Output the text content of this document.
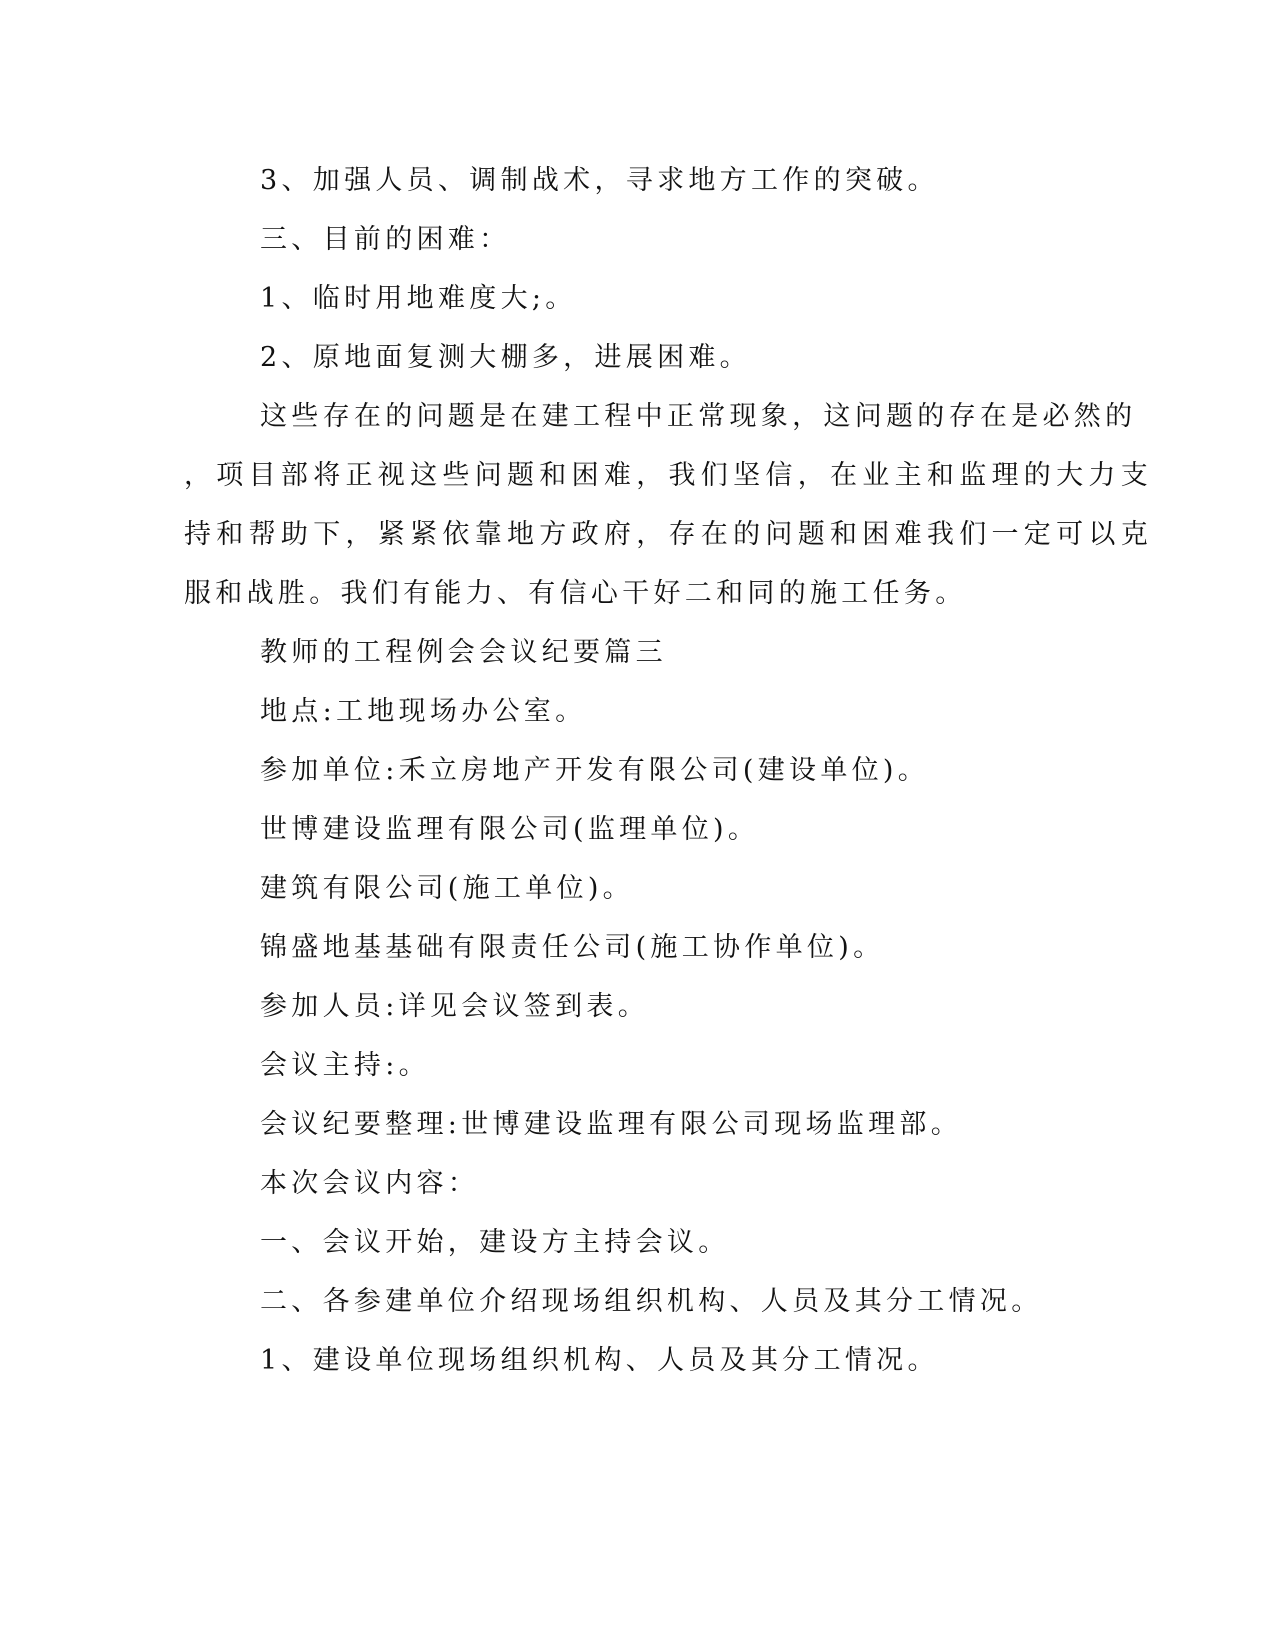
3、加强人员、调制战术，寻求地方工作的突破。

三、目前的困难：

1、临时用地难度大;。

2、原地面复测大棚多，进展困难。

这些存在的问题是在建工程中正常现象，这问题的存在是必然的

，项目部将正视这些问题和困难，我们坚信，在业主和监理的大力支

持和帮助下，紧紧依靠地方政府，存在的问题和困难我们一定可以克

服和战胜。我们有能力、有信心干好二和同的施工任务。

教师的工程例会会议纪要篇三

地点:工地现场办公室。

参加单位:禾立房地产开发有限公司(建设单位)。

世博建设监理有限公司(监理单位)。

建筑有限公司(施工单位)。

锦盛地基基础有限责任公司(施工协作单位)。

参加人员:详见会议签到表。

会议主持:。

会议纪要整理:世博建设监理有限公司现场监理部。

本次会议内容：

一、会议开始，建设方主持会议。

二、各参建单位介绍现场组织机构、人员及其分工情况。

1、建设单位现场组织机构、人员及其分工情况。
